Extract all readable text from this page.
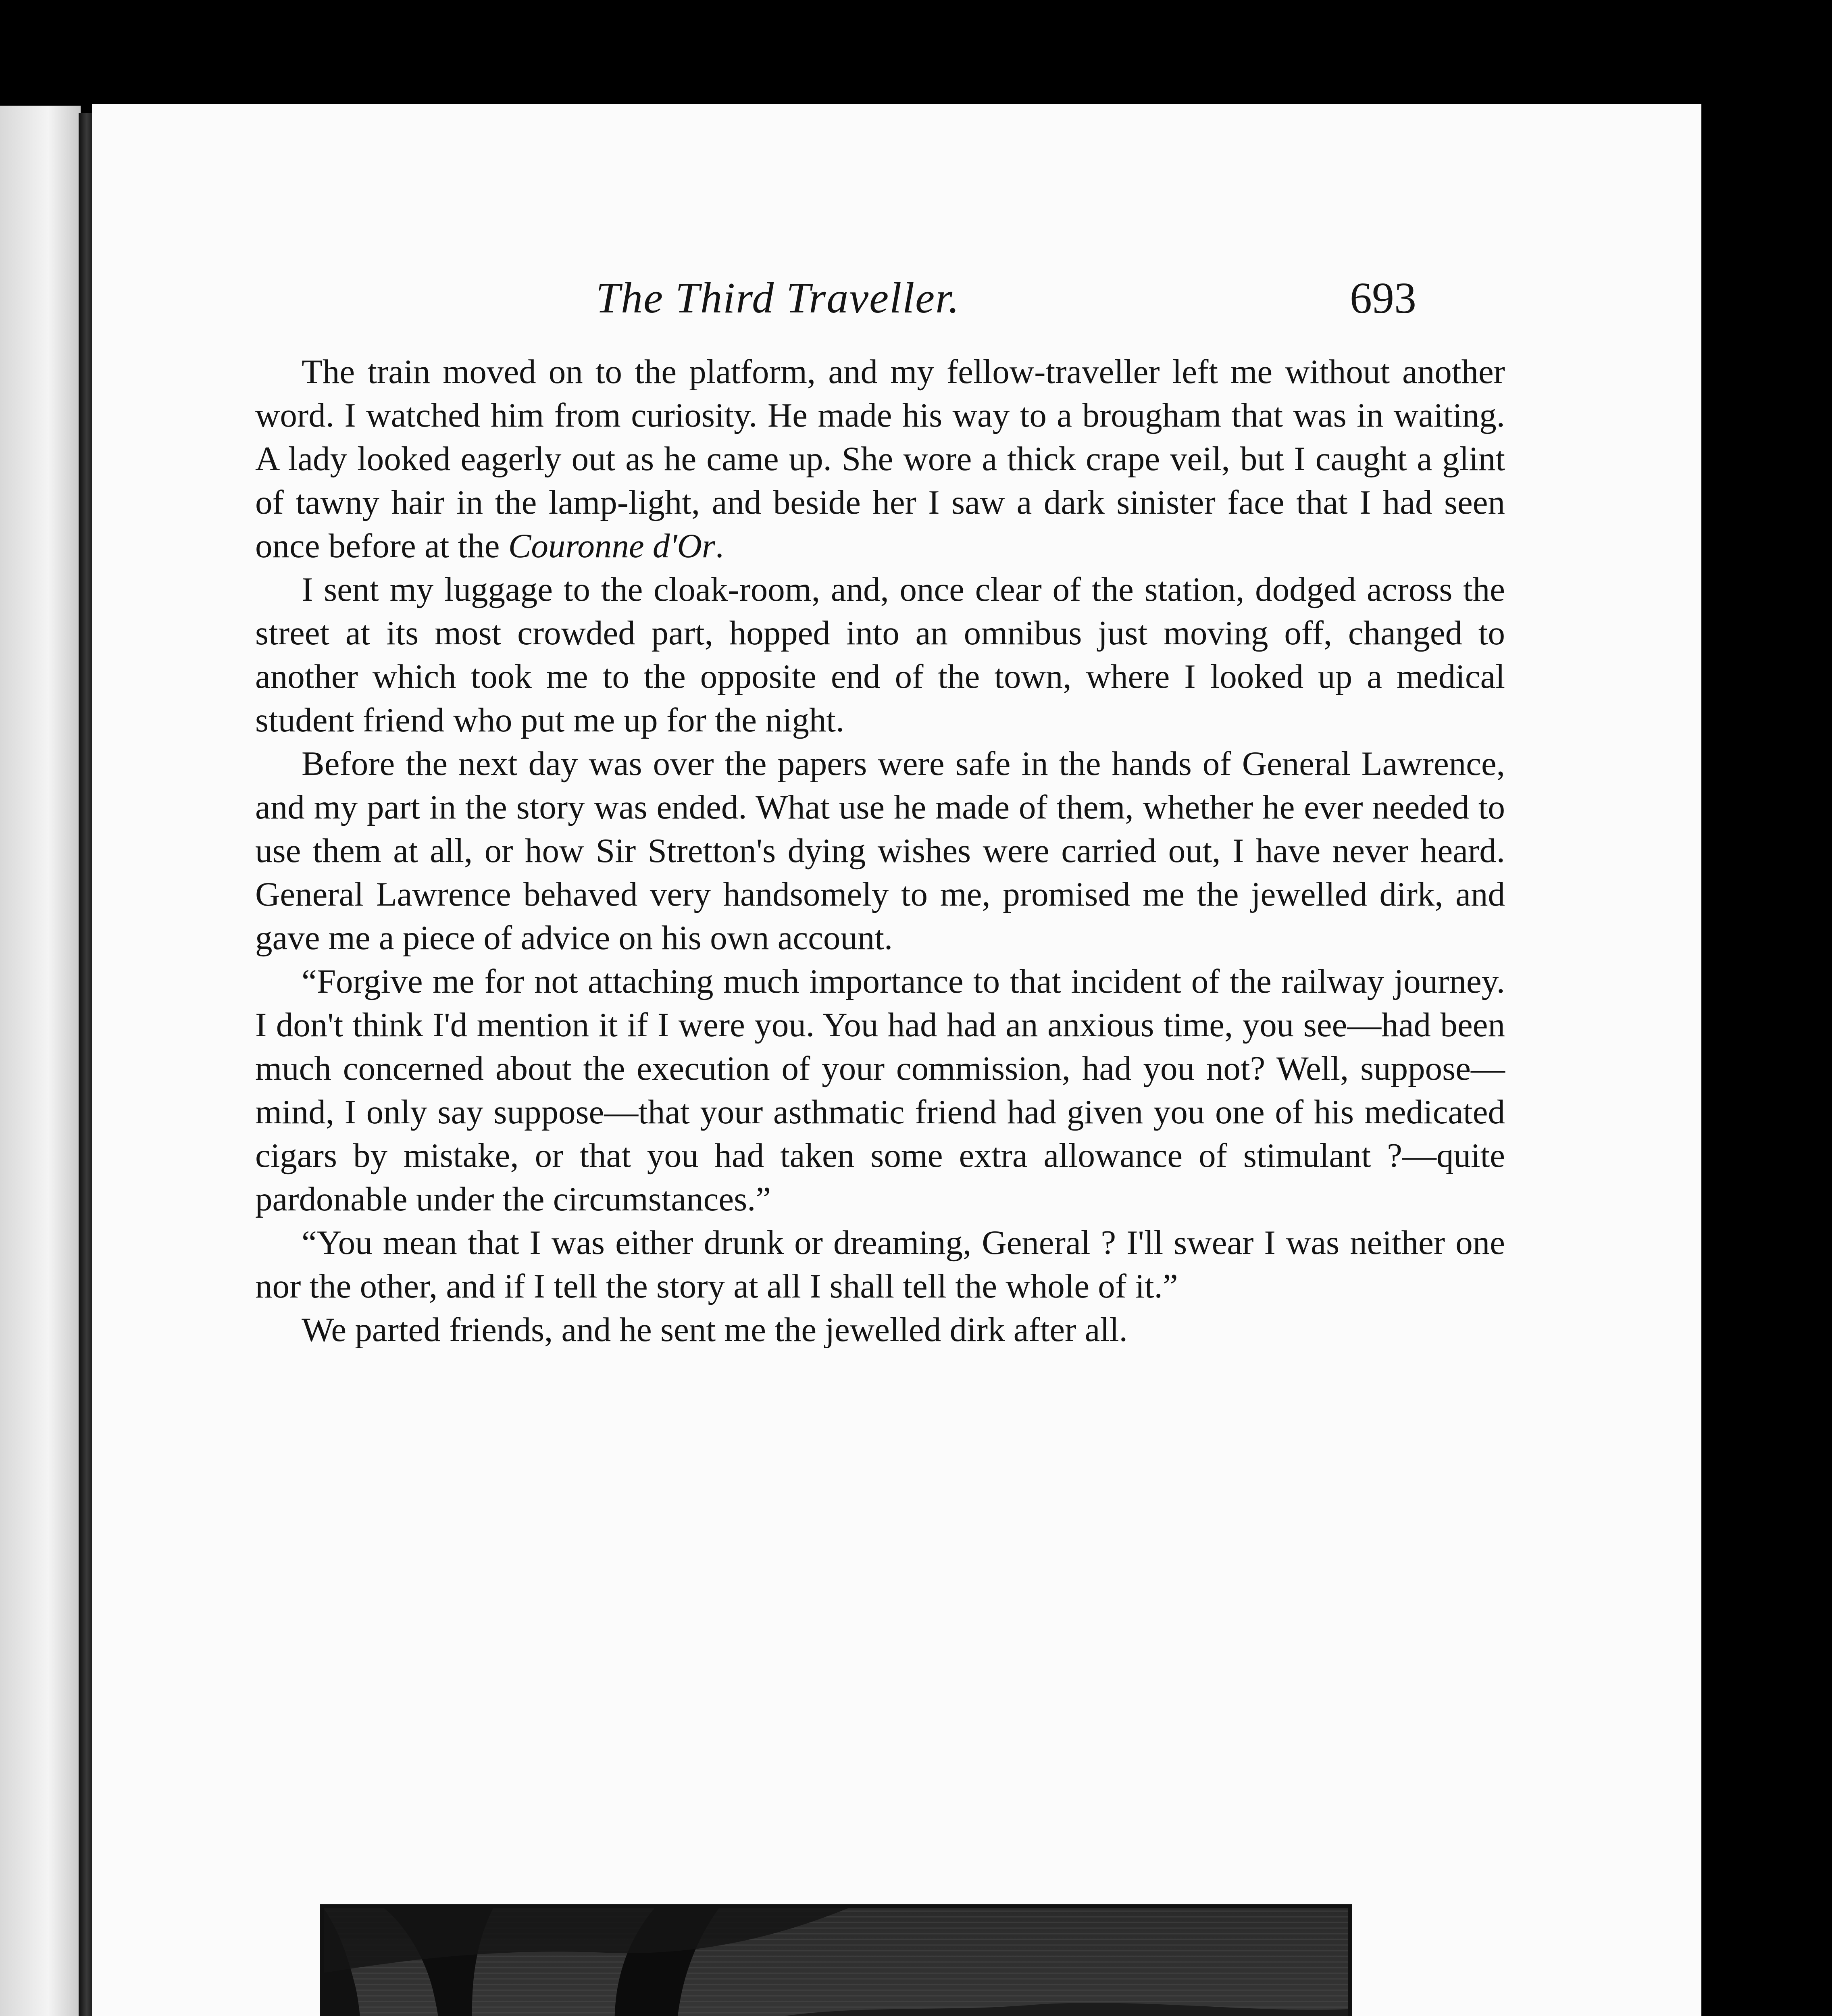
The Third Traveller.	693

The train moved on to the platform, and my fellow-traveller left me without another word. I watched him from curiosity. He made his way to a brougham that was in waiting. A lady looked eagerly out as he came up. She wore a thick crape veil, but I caught a glint of tawny hair in the lamp-light, and beside her I saw a dark sinister face that I had seen once before at the Couronne d'Or.

I sent my luggage to the cloak-room, and, once clear of the station, dodged across the street at its most crowded part, hopped into an omnibus just moving off, changed to another which took me to the opposite end of the town, where I looked up a medical student friend who put me up for the night.

Before the next day was over the papers were safe in the hands of General Lawrence, and my part in the story was ended. What use he made of them, whether he ever needed to use them at all, or how Sir Stretton's dying wishes were carried out, I have never heard. General Lawrence behaved very handsomely to me, promised me the jewelled dirk, and gave me a piece of advice on his own account.

“Forgive me for not attaching much importance to that incident of the railway journey. I don't think I'd mention it if I were you. You had had an anxious time, you see—had been much concerned about the execution of your commission, had you not? Well, suppose—mind, I only say suppose—that your asthmatic friend had given you one of his medicated cigars by mistake, or that you had taken some extra allowance of stimulant ?—quite pardonable under the circumstances.”

“You mean that I was either drunk or dreaming, General ? I'll swear I was neither one nor the other, and if I tell the story at all I shall tell the whole of it.”

We parted friends, and he sent me the jewelled dirk after all.
